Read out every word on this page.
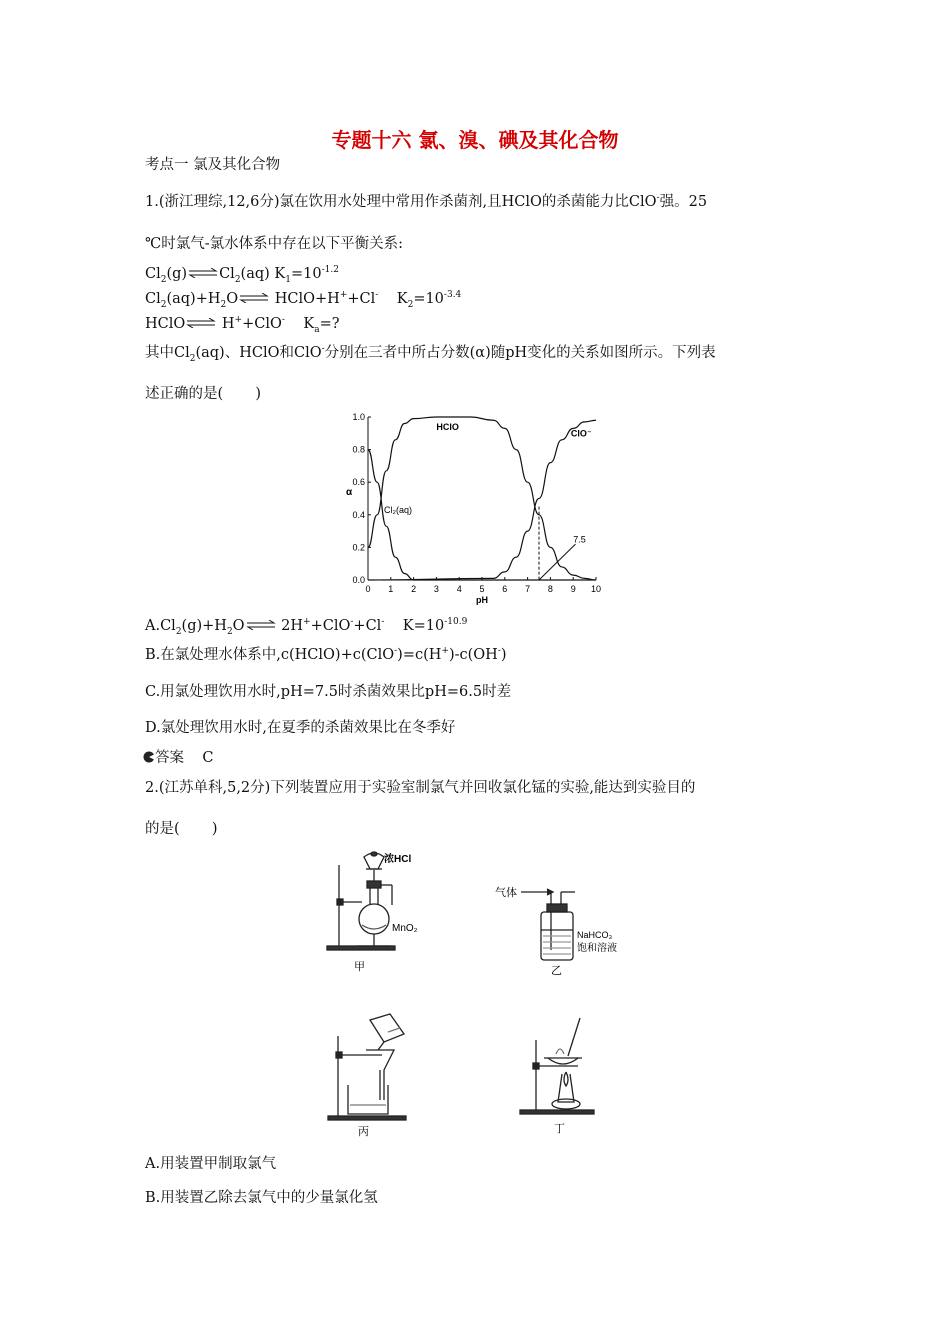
专题十六 氯、溴、碘及其化合物
考点一 氯及其化合物
1.(浙江理综,12,6分)氯在饮用水处理中常用作杀菌剂,且HClO的杀菌能力比ClO-强。25
℃时氯气-氯水体系中存在以下平衡关系:
$Cl_2(g)\rightleftharpoons Cl_2(aq)$ $K_1=10^{-1.2}$
$Cl_2(aq)+H_2O\rightleftharpoons$ HClO+H++Cl-    $K_2=10^{-3.4}$
HClO⇌ H++ClO-    $K_a=$?
其中$Cl_2(aq)$、HClO和ClO-分别在三者中所占分数(α)随pH变化的关系如图所示。下列表
述正确的是(       )
0 1 2 3 4 5 6 7 8 9 10
0.0
0.2
0.4
0.6
0.8
1.0
pH
α
HClO
ClO⁻
Cl₂(aq)
7.5
$A.Cl_2(g)+H_2O\rightleftharpoons$ 2H++ClO-+Cl-    $K=10^{-10.9}$
B.在氯处理水体系中,c(HClO)+c(ClO-)=c(H+)-c(OH-)
C.用氯处理饮用水时,pH=7.5时杀菌效果比pH=6.5时差
D.氯处理饮用水时,在夏季的杀菌效果比在冬季好
答案    C
2.(江苏单科,5,2分)下列装置应用于实验室制氯气并回收氯化锰的实验,能达到实验目的
的是(       )
浓HCl
MnO₂
甲
气体
NaHCO₃
饱和溶液
乙
丙	丁
A.用装置甲制取氯气
B.用装置乙除去氯气中的少量氯化氢
